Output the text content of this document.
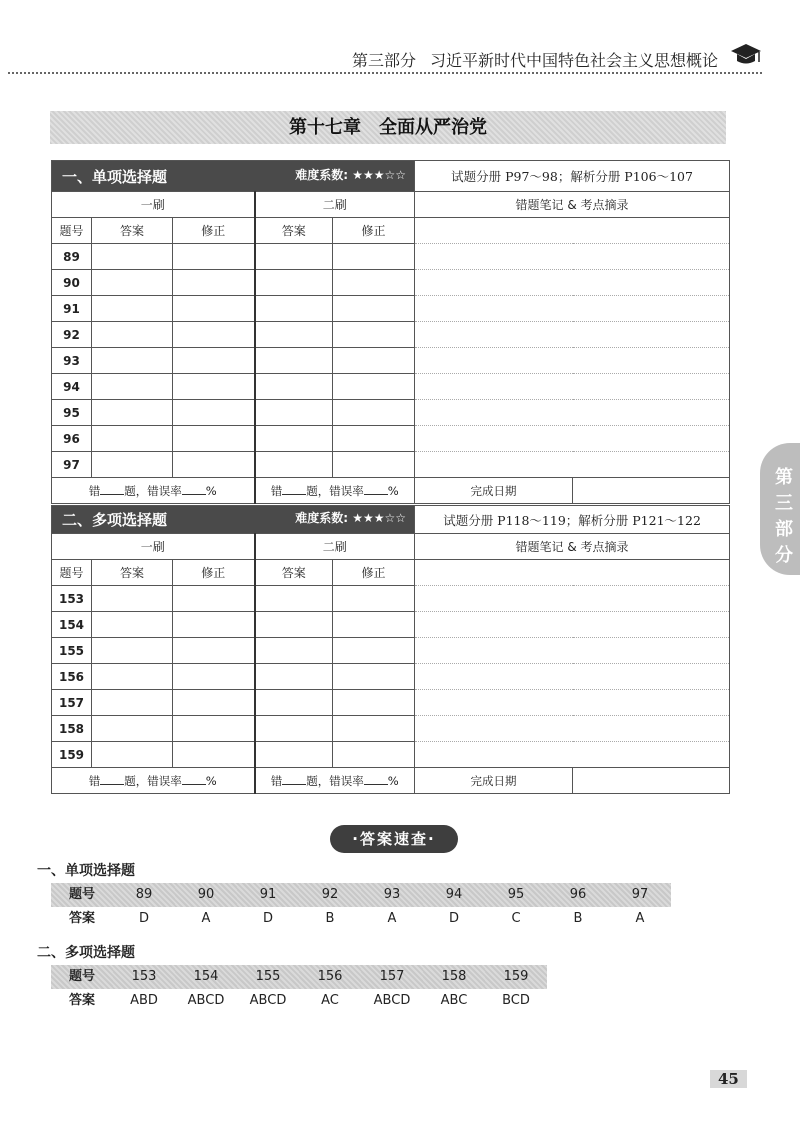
第三部分 习近平新时代中国特色社会主义思想概论
第十七章　全面从严治党
第三部分
一、单项选择题 难度系数: ★★★☆☆					试题分册 P97～98；解析分册 P106～107	
一刷			二刷		错题笔记 & 考点摘录	
题号	答案	修正	答案	修正		
89						
90						
91						
92						
93						
94						
95						
96						
97						
错 题，错误率 %			错 题，错误率 %		完成日期	
二、多项选择题 难度系数: ★★★☆☆					试题分册 P118～119；解析分册 P121～122	
一刷			二刷		错题笔记 & 考点摘录	
题号	答案	修正	答案	修正		
153						
154						
155						
156						
157						
158						
159						
错 题，错误率 %			错 题，错误率 %		完成日期	
·答案速查·
一、单项选择题
题号	89	90	91	92	93	94	95	96	97
答案	D	A	D	B	A	D	C	B	A
二、多项选择题
题号	153	154	155	156	157	158	159
答案	ABD	ABCD	ABCD	AC	ABCD	ABC	BCD
45
